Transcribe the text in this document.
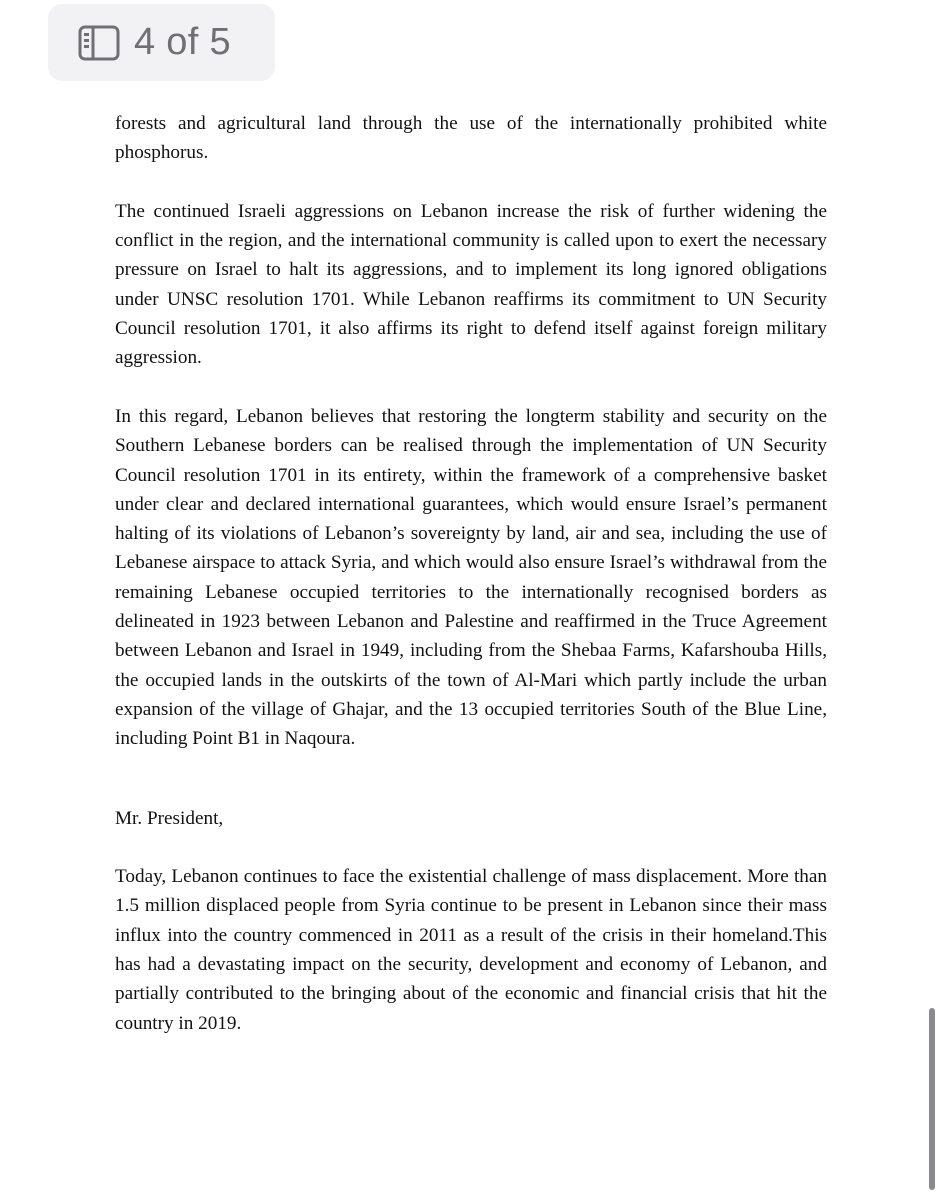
4 of 5

forests and agricultural land through the use of the internationally prohibited white phosphorus.

The continued Israeli aggressions on Lebanon increase the risk of further widening the conflict in the region, and the international community is called upon to exert the necessary pressure on Israel to halt its aggressions, and to implement its long ignored obligations under UNSC resolution 1701. While Lebanon reaffirms its commitment to UN Security Council resolution 1701, it also affirms its right to defend itself against foreign military aggression.

In this regard, Lebanon believes that restoring the longterm stability and security on the Southern Lebanese borders can be realised through the implementation of UN Security Council resolution 1701 in its entirety, within the framework of a comprehensive basket under clear and declared international guarantees, which would ensure Israel’s permanent halting of its violations of Lebanon’s sovereignty by land, air and sea, including the use of Lebanese airspace to attack Syria, and which would also ensure Israel’s withdrawal from the remaining Lebanese occupied territories to the internationally recognised borders as delineated in 1923 between Lebanon and Palestine and reaffirmed in the Truce Agreement between Lebanon and Israel in 1949, including from the Shebaa Farms, Kafarshouba Hills, the occupied lands in the outskirts of the town of Al-Mari which partly include the urban expansion of the village of Ghajar, and the 13 occupied territories South of the Blue Line, including Point B1 in Naqoura.

Mr. President,

Today, Lebanon continues to face the existential challenge of mass displacement. More than 1.5 million displaced people from Syria continue to be present in Lebanon since their mass influx into the country commenced in 2011 as a result of the crisis in their homeland.This has had a devastating impact on the security, development and economy of Lebanon, and partially contributed to the bringing about of the economic and financial crisis that hit the country in 2019.
